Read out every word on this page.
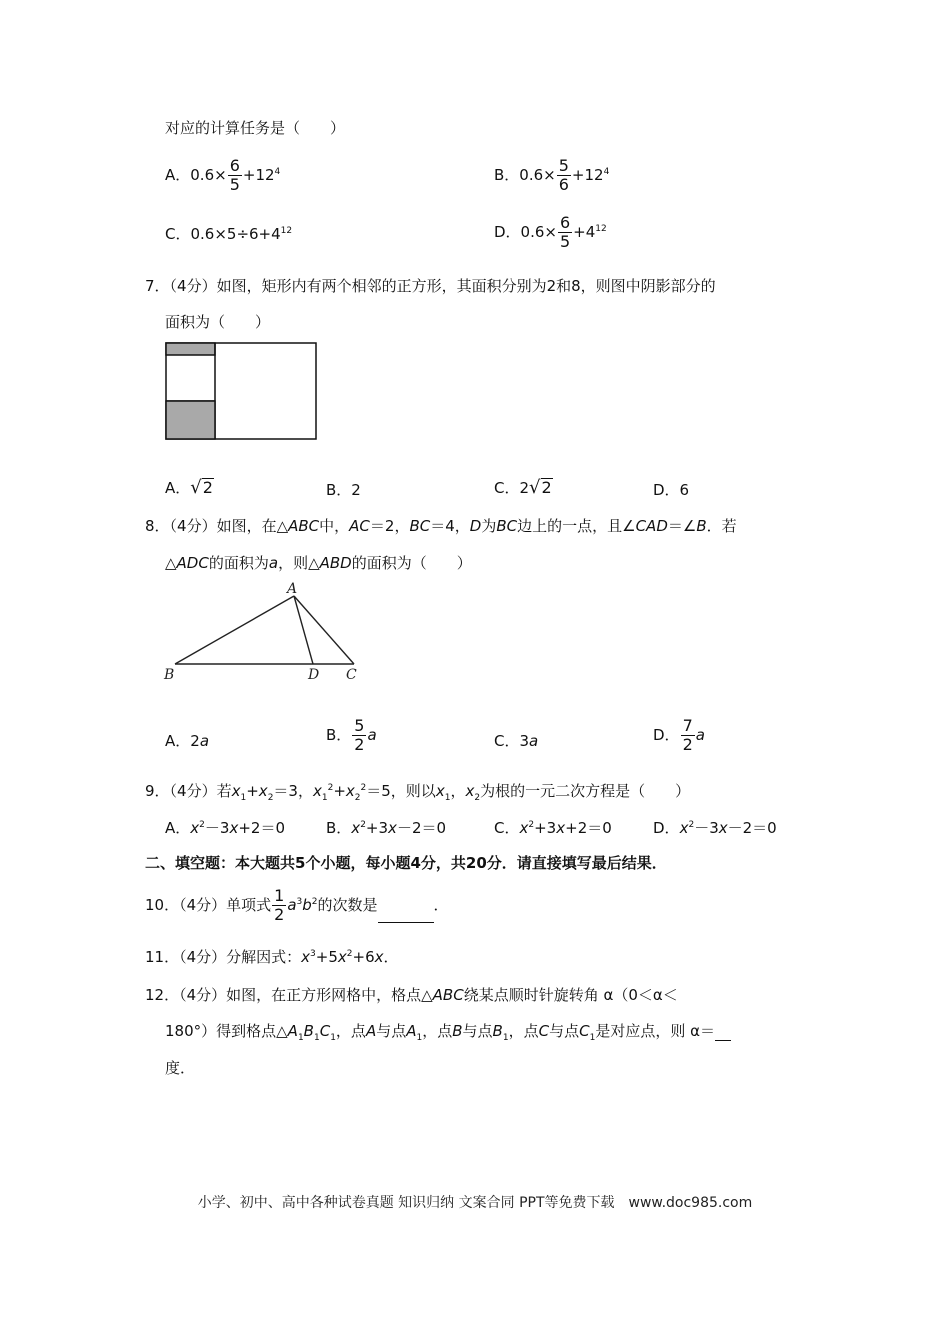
对应的计算任务是（　　）
A．$0.6\times \frac{6}{5} +12^4$	B．$0.6\times \frac{5}{6} +12^4$
C．$0.6\times 5\div 6+4^{12}$	D．$0.6\times \frac{6}{5} +4^{12}$
7．（4分）如图，矩形内有两个相邻的正方形，其面积分别为2和8，则图中阴影部分的
面积为（　　）
A． √ 2	B．2	C．2 √ 2	D．6
8．（4分）如图，在△ABC中，AC＝2，BC＝4，D为BC边上的一点，且∠CAD＝∠B．若
△ADC的面积为a，则△ABD的面积为（　　）
A
B	D C
A．2a	B． $\frac{5}{2}$ a	C．3a	D． $\frac{7}{2}$ a
9．（4分）若$x_1+x_2=3$，$x_1^2+x_2^2=5$，则以$x_1$，$x_2$为根的一元二次方程是（　　）
A．$x^2-3x+2=0$	B．$x^2+3x-2=0$	C．$x^2+3x+2=0$	D．$x^2-3x-2=0$
二、填空题：本大题共5个小题，每小题4分，共20分．请直接填写最后结果．
10．（4分）单项式 $\frac{1}{2} a^3b^2$的次数是	．
11．（4分）分解因式：$x^3+5x^2+6x$．
12．（4分）如图，在正方形网格中，格点△ABC绕某点顺时针旋转角 α（0＜α＜
180°）得到格点$\triangle A_1B_1C_1$，点A与点$A_1$，点B与点$B_1$，点C与点$C_1$是对应点，则 α＝
度．
小学、初中、高中各种试卷真题 知识归纳 文案合同 PPT等免费下载　www.doc985.com
